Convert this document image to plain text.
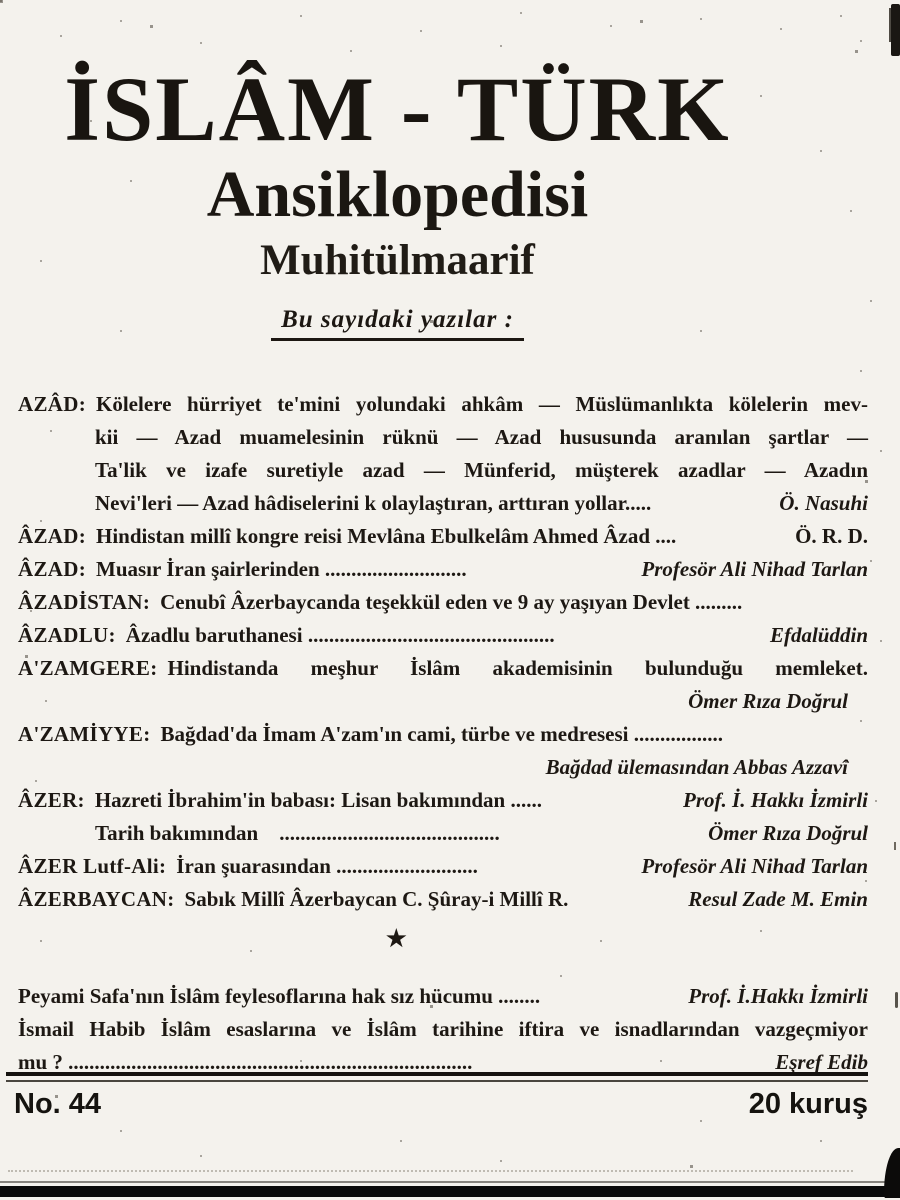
İSLÂM - TÜRK
Ansiklopedisi
Muhitülmaarif
Bu sayıdaki yazılar :
AZÂD: Kölelere hürriyet te'mini yolundaki ahkâm — Müslümanlıkta kölelerin mev-
kii — Azad muamelesinin rüknü — Azad hususunda aranılan şartlar —
Ta'lik ve izafe suretiyle azad — Münferid, müşterek azadlar — Azadın
Nevi'leri — Azad hâdiselerini k olaylaştıran, arttıran yollar.....	Ö. Nasuhi
ÂZAD: Hindistan millî kongre reisi Mevlâna Ebulkelâm Ahmed Âzad ....	Ö. R. D.
ÂZAD: Muasır İran şairlerinden ...........................	Profesör Ali Nihad Tarlan
ÂZADİSTAN: Cenubî Âzerbaycanda teşekkül eden ve 9 ay yaşıyan Devlet .........
ÂZADLU: Âzadlu baruthanesi ...............................................	Efdalüddin
A'ZAMGERE: Hindistanda meşhur İslâm akademisinin bulunduğu memleket.
Ömer Rıza Doğrul
A'ZAMİYYE: Bağdad'da İmam A'zam'ın cami, türbe ve medresesi .................
Bağdad ülemasından Abbas Azzavî
ÂZER: Hazreti İbrahim'in babası: Lisan bakımından ......	Prof. İ. Hakkı İzmirli
Tarih bakımından ..........................................	Ömer Rıza Doğrul
ÂZER Lutf-Ali: İran şuarasından ...........................	Profesör Ali Nihad Tarlan
ÂZERBAYCAN: Sabık Millî Âzerbaycan C. Şûray-i Millî R.	Resul Zade M. Emin
★
Peyami Safa'nın İslâm feylesoflarına hak sız hücumu ........	Prof. İ.Hakkı İzmirli
İsmail Habib İslâm esaslarına ve İslâm tarihine iftira ve isnadlarından vazgeçmiyor
mu ? .............................................................................	Eşref Edib
No. 44	20 kuruş
